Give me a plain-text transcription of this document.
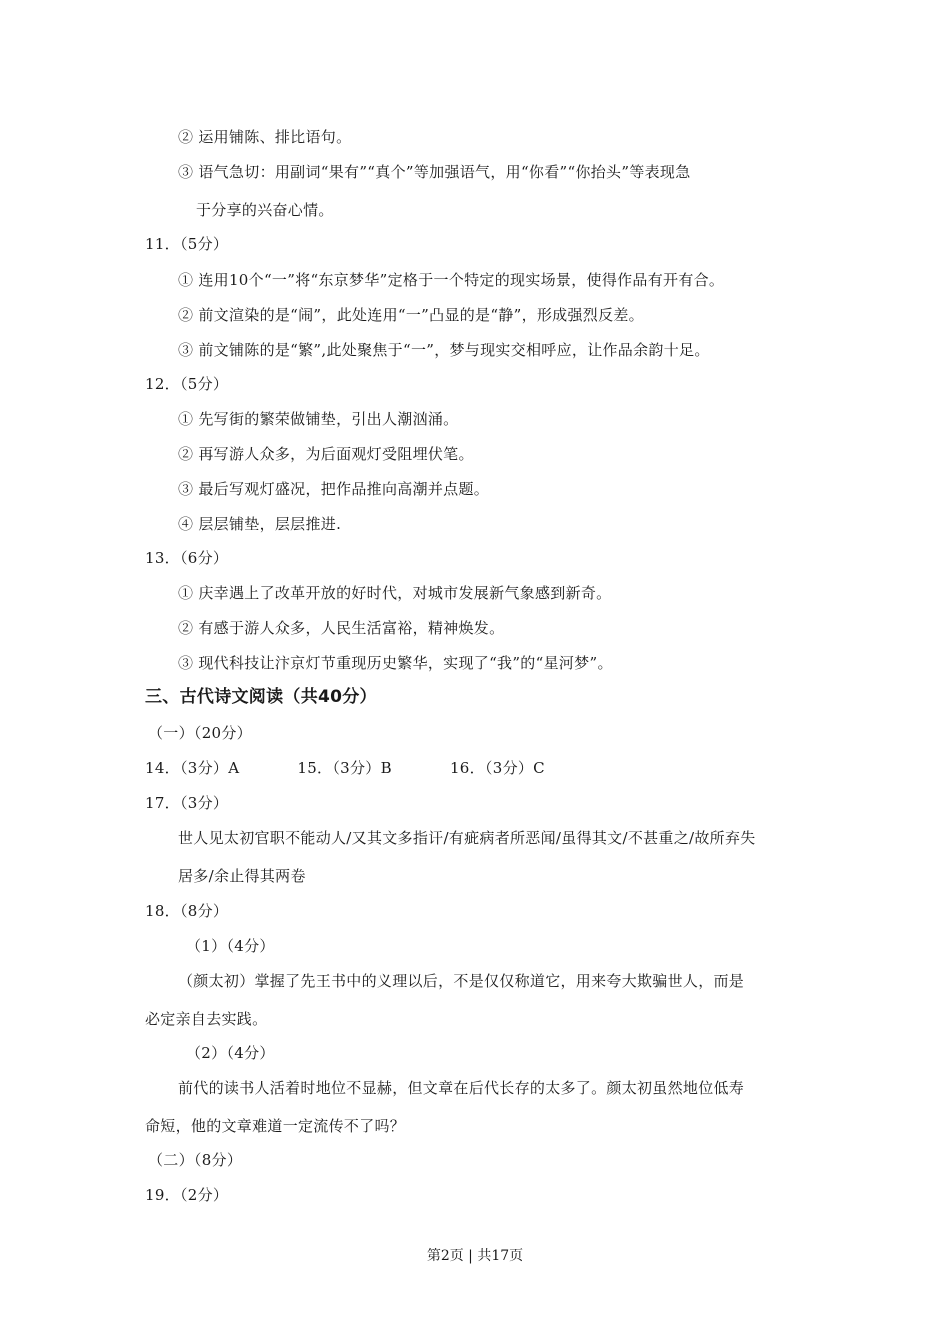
② 运用铺陈、排比语句。
③ 语气急切：用副词“果有”“真个”等加强语气，用“你看”“你抬头”等表现急
于分享的兴奋心情。
11．（5分）
① 连用10个“一”将“东京梦华”定格于一个特定的现实场景，使得作品有开有合。
② 前文渲染的是“闹”，此处连用“一”凸显的是“静”，形成强烈反差。
③ 前文铺陈的是“繁”,此处聚焦于“一”，梦与现实交相呼应，让作品余韵十足。
12．（5分）
① 先写街的繁荣做铺垫，引出人潮汹涌。
② 再写游人众多，为后面观灯受阻埋伏笔。
③ 最后写观灯盛况，把作品推向高潮并点题。
④ 层层铺垫，层层推进.
13．（6分）
① 庆幸遇上了改革开放的好时代，对城市发展新气象感到新奇。
② 有感于游人众多，人民生活富裕，精神焕发。
③ 现代科技让汴京灯节重现历史繁华，实现了“我”的“星河梦”。
三、古代诗文阅读（共40分）
（一）（20分）
14．（3分）A	15．（3分）B	16．（3分）C
17．（3分）
世人见太初官职不能动人/又其文多指讦/有疵病者所恶闻/虽得其文/不甚重之/故所弃失
居多/余止得其两卷
18．（8分）
（1）（4分）
（颜太初）掌握了先王书中的义理以后，不是仅仅称道它，用来夸大欺骗世人，而是
必定亲自去实践。
（2）（4分）
前代的读书人活着时地位不显赫，但文章在后代长存的太多了。颜太初虽然地位低寿
命短，他的文章难道一定流传不了吗？
（二）（8分）
19．（2分）
第2页 | 共17页
